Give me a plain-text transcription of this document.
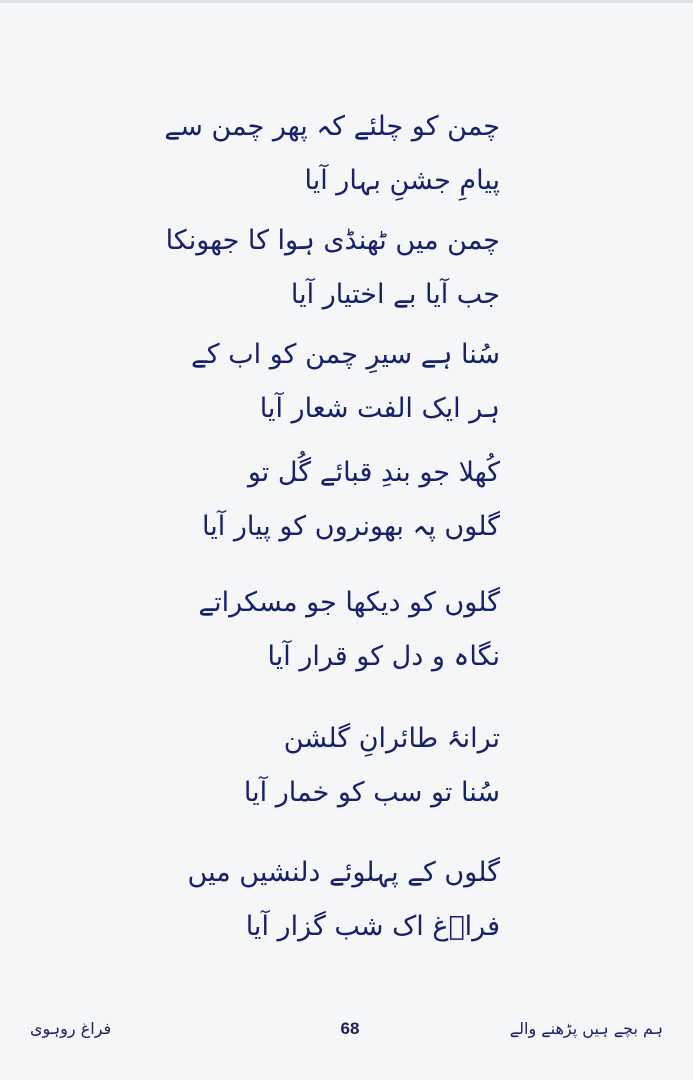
چمن کو چلئے کہ پھر چمن سے
پیامِ جشنِ بہار آیا
چمن میں ٹھنڈی ہوا کا جھونکا
جب آیا بے اختیار آیا
سُنا ہے سیرِ چمن کو اب کے
ہر ایک الفت شعار آیا
کُھلا جو بندِ قبائے گُل تو
گلوں پہ بھونروں کو پیار آیا
گلوں کو دیکھا جو مسکراتے
نگاہ و دل کو قرار آیا
ترانۂ طائرانِ گلشن
سُنا تو سب کو خمار آیا
گلوں کے پہلوئے دلنشیں میں
فراؔغ اک شب گزار آیا
فراغ روہوی	68	ہم بچے ہیں پڑھنے والے
